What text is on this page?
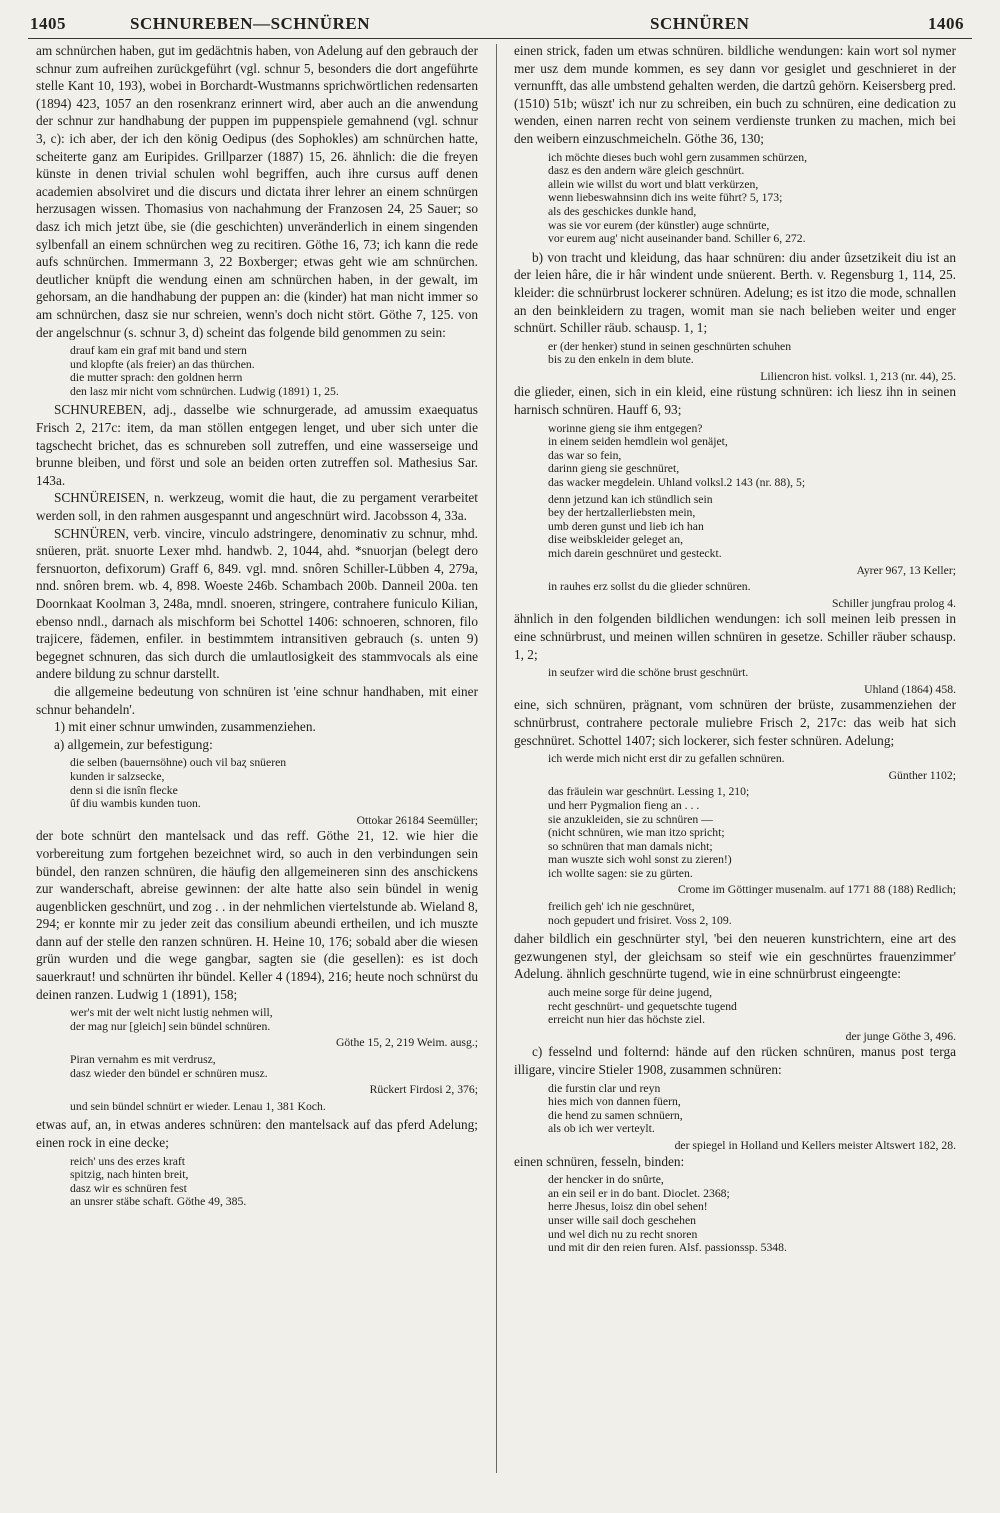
1405	SCHNUREBEN—SCHNÜREN	SCHNÜREN	1406

am schnürchen haben, gut im gedächtnis haben, von Adelung auf den gebrauch der schnur zum aufreihen zurückgeführt (vgl. schnur 5, besonders die dort angeführte stelle Kant 10, 193), wobei in Borchardt-Wustmanns sprichwörtlichen redensarten (1894) 423, 1057 an den rosenkranz erinnert wird, aber auch an die anwendung der schnur zur handhabung der puppen im puppenspiele gemahnend (vgl. schnur 3, c): ich aber, der ich den könig Oedipus (des Sophokles) am schnürchen hatte, scheiterte ganz am Euripides. Grillparzer (1887) 15, 26. ähnlich: die die freyen künste in denen trivial schulen wohl begriffen, auch ihre cursus auff denen academien absolviret und die discurs und dictata ihrer lehrer an einem schnürgen herzusagen wissen. Thomasius von nachahmung der Franzosen 24, 25 Sauer; so dasz ich mich jetzt übe, sie (die geschichten) unveränderlich in einem singenden sylbenfall an einem schnürchen weg zu recitiren. Göthe 16, 73; ich kann die rede aufs schnürchen. Immermann 3, 22 Boxberger; etwas geht wie am schnürchen. deutlicher knüpft die wendung einen am schnürchen haben, in der gewalt, im gehorsam, an die handhabung der puppen an: die (kinder) hat man nicht immer so am schnürchen, dasz sie nur schreien, wenn's doch nicht stört. Göthe 7, 125. von der angelschnur (s. schnur 3, d) scheint das folgende bild genommen zu sein:

drauf kam ein graf mit band und stern
und klopfte (als freier) an das thürchen.
die mutter sprach: den goldnen herrn
den lasz mir nicht vom schnürchen. Ludwig (1891) 1, 25.

SCHNUREBEN, adj., dasselbe wie schnurgerade, ad amussim exaequatus Frisch 2, 217c: item, da man stöllen entgegen lenget, und uber sich unter die tagschecht brichet, das es schnureben soll zutreffen, und eine wasserseige und brunne bleiben, und först und sole an beiden orten zutreffen sol. Mathesius Sar. 143a.

SCHNÜREISEN, n. werkzeug, womit die haut, die zu pergament verarbeitet werden soll, in den rahmen ausgespannt und angeschnürt wird. Jacobsson 4, 33a.

SCHNÜREN, verb. vincire, vinculo adstringere, denominativ zu schnur, mhd. snüeren, prät. snuorte Lexer mhd. handwb. 2, 1044, ahd. *snuorjan (belegt dero fersnuorton, defixorum) Graff 6, 849. vgl. mnd. snôren Schiller-Lübben 4, 279a, nnd. snôren brem. wb. 4, 898. Woeste 246b. Schambach 200b. Danneil 200a. ten Doornkaat Koolman 3, 248a, mndl. snoeren, stringere, contrahere funiculo Kilian, ebenso nndl., darnach als mischform bei Schottel 1406: schnoeren, schnoren, filo trajicere, fädemen, enfiler. in bestimmtem intransitiven gebrauch (s. unten 9) begegnet schnuren, das sich durch die umlautlosigkeit des stammvocals als eine andere bildung zu schnur darstellt.

die allgemeine bedeutung von schnüren ist 'eine schnur handhaben, mit einer schnur behandeln'.

1) mit einer schnur umwinden, zusammenziehen.

a) allgemein, zur befestigung:

die selben (bauernsöhne) ouch vil baȥ snüeren
kunden ir salzsecke,
denn si die isnîn flecke
ûf diu wambis kunden tuon.
Ottokar 26184 Seemüller;

der bote schnürt den mantelsack und das reff. Göthe 21, 12. wie hier die vorbereitung zum fortgehen bezeichnet wird, so auch in den verbindungen sein bündel, den ranzen schnüren, die häufig den allgemeineren sinn des anschickens zur wanderschaft, abreise gewinnen: der alte hatte also sein bündel in wenig augenblicken geschnürt, und zog . . in der nehmlichen viertelstunde ab. Wieland 8, 294; er konnte mir zu jeder zeit das consilium abeundi ertheilen, und ich muszte dann auf der stelle den ranzen schnüren. H. Heine 10, 176; sobald aber die wiesen grün wurden und die wege gangbar, sagten sie (die gesellen): es ist doch sauerkraut! und schnürten ihr bündel. Keller 4 (1894), 216; heute noch schnürst du deinen ranzen. Ludwig 1 (1891), 158;

wer's mit der welt nicht lustig nehmen will,
der mag nur [gleich] sein bündel schnüren.
Göthe 15, 2, 219 Weim. ausg.;
Piran vernahm es mit verdrusz,
dasz wieder den bündel er schnüren musz.
Rückert Firdosi 2, 376;
und sein bündel schnürt er wieder. Lenau 1, 381 Koch.

etwas auf, an, in etwas anderes schnüren: den mantelsack auf das pferd Adelung; einen rock in eine decke;

reich' uns des erzes kraft
spitzig, nach hinten breit,
dasz wir es schnüren fest
an unsrer stäbe schaft. Göthe 49, 385.

einen strick, faden um etwas schnüren. bildliche wendungen: kain wort sol nymer mer usz dem munde kommen, es sey dann vor gesiglet und geschnieret in der vernunfft, das alle umbstend gehalten werden, die dartzû gehörn. Keisersberg pred. (1510) 51b; wüszt' ich nur zu schreiben, ein buch zu schnüren, eine dedication zu wenden, einen narren recht von seinem verdienste trunken zu machen, mich bei den weibern einzuschmeicheln. Göthe 36, 130;

ich möchte dieses buch wohl gern zusammen schürzen,
dasz es den andern wäre gleich geschnürt.
allein wie willst du wort und blatt verkürzen,
wenn liebeswahnsinn dich ins weite führt? 5, 173;
als des geschickes dunkle hand,
was sie vor eurem (der künstler) auge schnürte,
vor eurem aug' nicht auseinander band. Schiller 6, 272.

b) von tracht und kleidung, das haar schnüren: diu ander ûzsetzikeit diu ist an der leien hâre, die ir hâr windent unde snüerent. Berth. v. Regensburg 1, 114, 25. kleider: die schnürbrust lockerer schnüren. Adelung; es ist itzo die mode, schnallen an den beinkleidern zu tragen, womit man sie nach belieben weiter und enger schnürt. Schiller räub. schausp. 1, 1;

er (der henker) stund in seinen geschnürten schuhen
bis zu den enkeln in dem blute.
Liliencron hist. volksl. 1, 213 (nr. 44), 25.

die glieder, einen, sich in ein kleid, eine rüstung schnüren: ich liesz ihn in seinen harnisch schnüren. Hauff 6, 93;

worinne gieng sie ihm entgegen?
in einem seiden hemdlein wol genäjet,
das war so fein,
darinn gieng sie geschnüret,
das wacker megdelein. Uhland volksl.2 143 (nr. 88), 5;
denn jetzund kan ich stündlich sein
bey der hertzallerliebsten mein,
umb deren gunst und lieb ich han
dise weibskleider geleget an,
mich darein geschnüret und gesteckt.
Ayrer 967, 13 Keller;
in rauhes erz sollst du die glieder schnüren.
Schiller jungfrau prolog 4.

ähnlich in den folgenden bildlichen wendungen: ich soll meinen leib pressen in eine schnürbrust, und meinen willen schnüren in gesetze. Schiller räuber schausp. 1, 2;

in seufzer wird die schöne brust geschnürt.
Uhland (1864) 458.

eine, sich schnüren, prägnant, vom schnüren der brüste, zusammenziehen der schnürbrust, contrahere pectorale muliebre Frisch 2, 217c: das weib hat sich geschnüret. Schottel 1407; sich lockerer, sich fester schnüren. Adelung;

ich werde mich nicht erst dir zu gefallen schnüren.
Günther 1102;
das fräulein war geschnürt. Lessing 1, 210;
und herr Pygmalion fieng an . . .
sie anzukleiden, sie zu schnüren —
(nicht schnüren, wie man itzo spricht;
so schnüren that man damals nicht;
man wuszte sich wohl sonst zu zieren!)
ich wollte sagen: sie zu gürten.
Crome im Göttinger musenalm. auf 1771 88 (188) Redlich;
freilich geh' ich nie geschnüret,
noch gepudert und frisiret. Voss 2, 109.

daher bildlich ein geschnürter styl, 'bei den neueren kunstrichtern, eine art des gezwungenen styl, der gleichsam so steif wie ein geschnürtes frauenzimmer' Adelung. ähnlich geschnürte tugend, wie in eine schnürbrust eingeengte:

auch meine sorge für deine jugend,
recht geschnürt- und gequetschte tugend
erreicht nun hier das höchste ziel.
der junge Göthe 3, 496.

c) fesselnd und folternd: hände auf den rücken schnüren, manus post terga illigare, vincire Stieler 1908, zusammen schnüren:

die furstin clar und reyn
hies mich von dannen füern,
die hend zu samen schnüern,
als ob ich wer verteylt.
der spiegel in Holland und Kellers meister Altswert 182, 28.

einen schnüren, fesseln, binden:

der hencker in do snûrte,
an ein seil er in do bant. Dioclet. 2368;
herre Jhesus, loisz din obel sehen!
unser wille sail doch geschehen
und wel dich nu zu recht snoren
und mit dir den reien furen. Alsf. passionssp. 5348.
